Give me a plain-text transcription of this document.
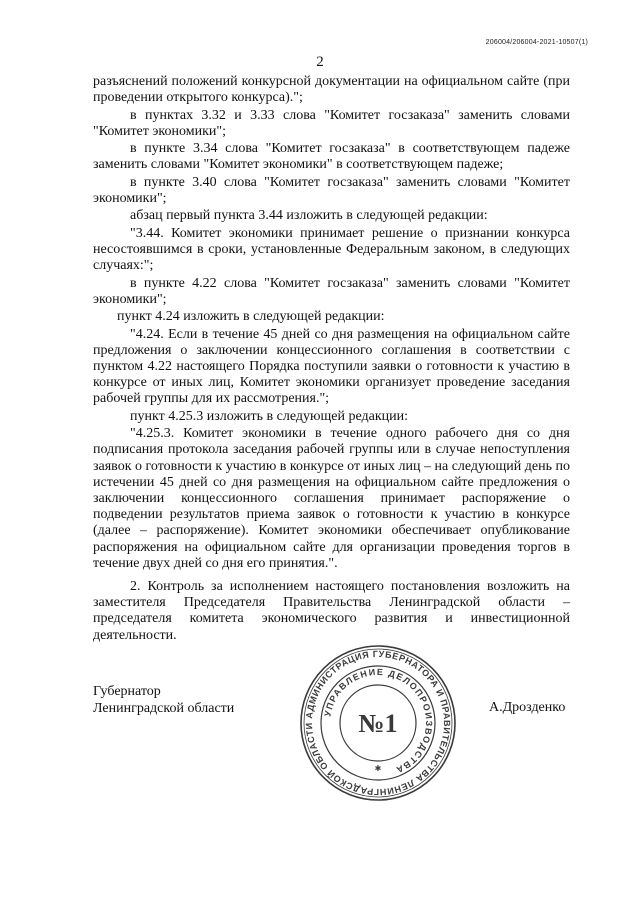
206004/206004-2021-10507(1)
2

разъяснений положений конкурсной документации на официальном сайте (при проведении открытого конкурса).";

в пунктах 3.32 и 3.33 слова "Комитет госзаказа" заменить словами "Комитет экономики";

в пункте 3.34 слова "Комитет госзаказа" в соответствующем падеже заменить словами "Комитет экономики" в соответствующем падеже;

в пункте 3.40 слова "Комитет госзаказа" заменить словами "Комитет экономики";

абзац первый пункта 3.44 изложить в следующей редакции:

"3.44. Комитет экономики принимает решение о признании конкурса несостоявшимся в сроки, установленные Федеральным законом, в следующих случаях:";

в пункте 4.22 слова "Комитет госзаказа" заменить словами "Комитет экономики";

пункт 4.24 изложить в следующей редакции:

"4.24. Если в течение 45 дней со дня размещения на официальном сайте предложения о заключении концессионного соглашения в соответствии с пунктом 4.22 настоящего Порядка поступили заявки о готовности к участию в конкурсе от иных лиц, Комитет экономики организует проведение заседания рабочей группы для их рассмотрения.";

пункт 4.25.3 изложить в следующей редакции:

"4.25.3. Комитет экономики в течение одного рабочего дня со дня подписания протокола заседания рабочей группы или в случае непоступления заявок о готовности к участию в конкурсе от иных лиц – на следующий день по истечении 45 дней со дня размещения на официальном сайте предложения о заключении концессионного соглашения принимает распоряжение о подведении результатов приема заявок о готовности к участию в конкурсе (далее – распоряжение). Комитет экономики обеспечивает опубликование распоряжения на официальном сайте для организации проведения торгов в течение двух дней со дня его принятия.".

2. Контроль за исполнением настоящего постановления возложить на заместителя Председателя Правительства Ленинградской области – председателя комитета экономического развития и инвестиционной деятельности.

Губернатор
Ленинградской области	АДМИНИСТРАЦИЯ ГУБЕРНАТОРА И ПРАВИТЕЛЬСТВА ЛЕНИНГРАДСКОЙ ОБЛАСТИ
УПРАВЛЕНИЕ ДЕЛОПРОИЗВОДСТВА
№1
✱
А.Дрозденко
